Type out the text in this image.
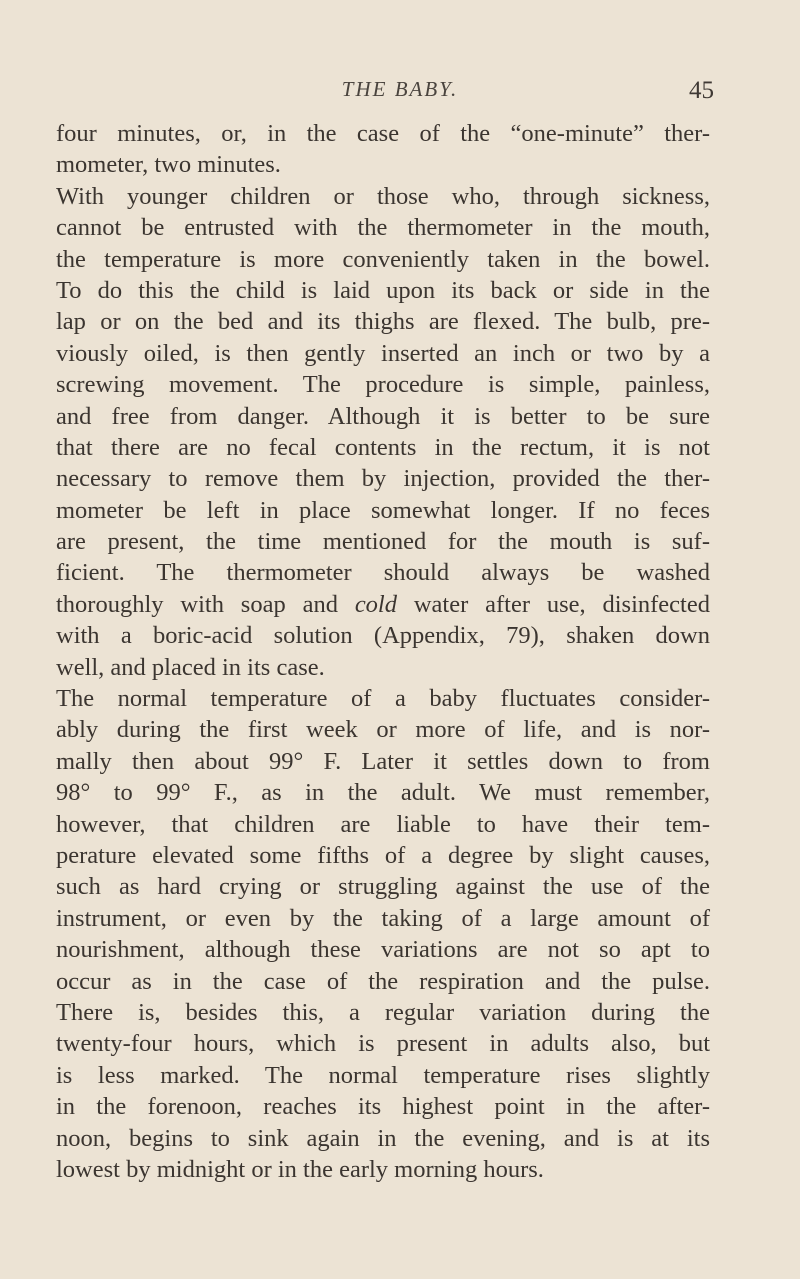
THE BABY.	45
four minutes, or, in the case of the “one-minute” ther-
mometer, two minutes.
With younger children or those who, through sickness,
cannot be entrusted with the thermometer in the mouth,
the temperature is more conveniently taken in the bowel.
To do this the child is laid upon its back or side in the
lap or on the bed and its thighs are flexed. The bulb, pre-
viously oiled, is then gently inserted an inch or two by a
screwing movement. The procedure is simple, painless,
and free from danger. Although it is better to be sure
that there are no fecal contents in the rectum, it is not
necessary to remove them by injection, provided the ther-
mometer be left in place somewhat longer. If no feces
are present, the time mentioned for the mouth is suf-
ficient. The thermometer should always be washed
thoroughly with soap and cold water after use, disinfected
with a boric-acid solution (Appendix, 79), shaken down
well, and placed in its case.
The normal temperature of a baby fluctuates consider-
ably during the first week or more of life, and is nor-
mally then about 99° F. Later it settles down to from
98° to 99° F., as in the adult. We must remember,
however, that children are liable to have their tem-
perature elevated some fifths of a degree by slight causes,
such as hard crying or struggling against the use of the
instrument, or even by the taking of a large amount of
nourishment, although these variations are not so apt to
occur as in the case of the respiration and the pulse.
There is, besides this, a regular variation during the
twenty-four hours, which is present in adults also, but
is less marked. The normal temperature rises slightly
in the forenoon, reaches its highest point in the after-
noon, begins to sink again in the evening, and is at its
lowest by midnight or in the early morning hours.
